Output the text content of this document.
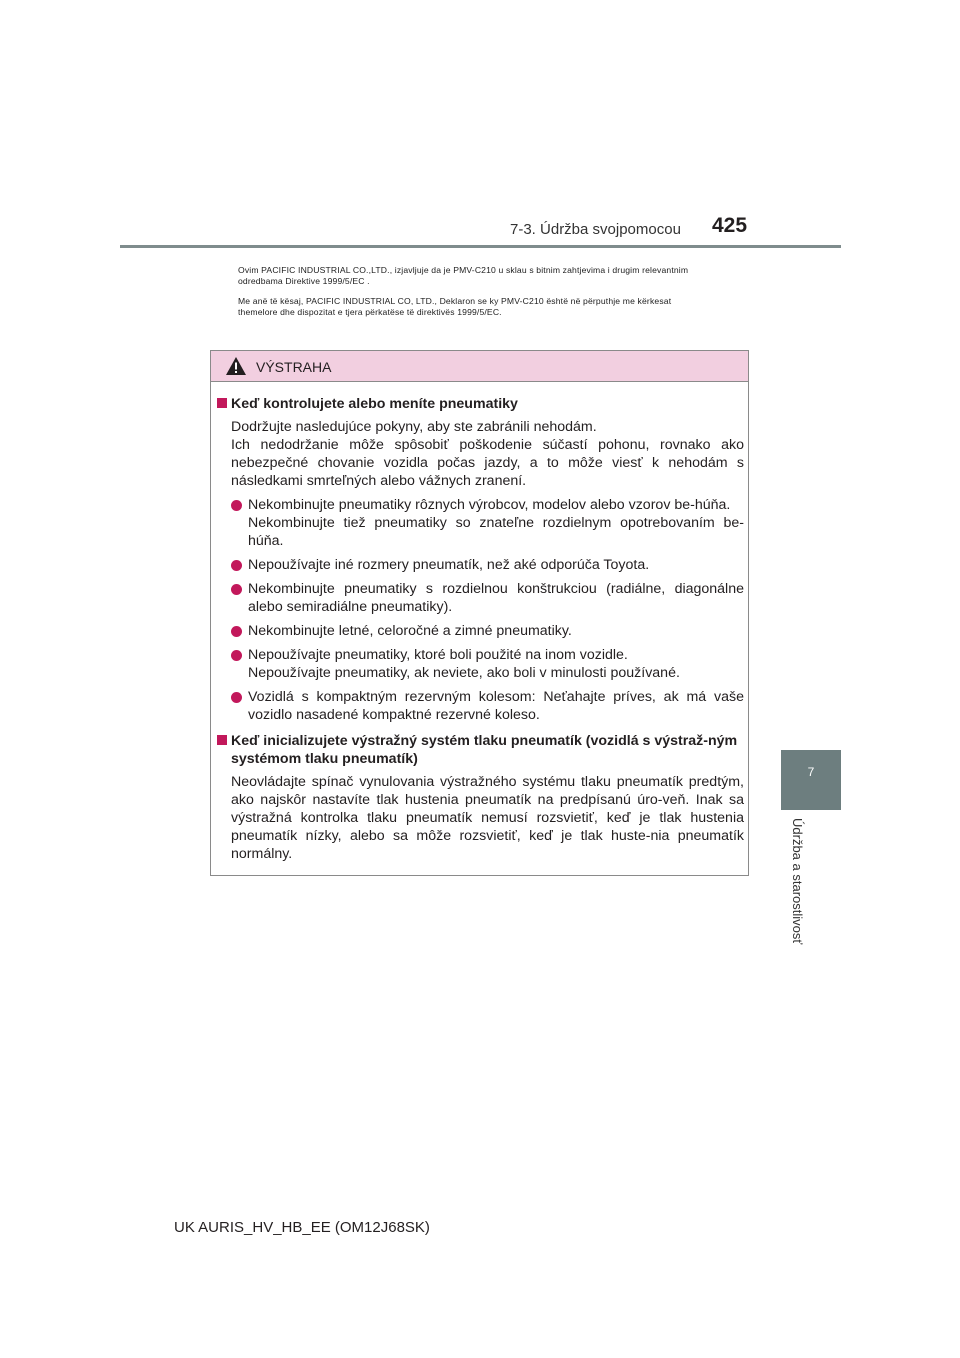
7-3. Údržba svojpomocou 425
Ovim PACIFIC INDUSTRIAL CO.,LTD., izjavljuje da je PMV-C210 u sklau s bitnim zahtjevima i drugim relevantnim
odredbama Direktive 1999/5/EC .
Me anë të kësaj, PACIFIC INDUSTRIAL CO, LTD., Deklaron se ky PMV-C210 është në përputhje me kërkesat
themelore dhe dispozitat e tjera përkatëse të direktivës 1999/5/EC.
7
Údržba a starostlivosť
VÝSTRAHA
Keď kontrolujete alebo meníte pneumatiky

Dodržujte nasledujúce pokyny, aby ste zabránili nehodám.

Ich nedodržanie môže spôsobiť poškodenie súčastí pohonu, rovnako ako nebezpečné chovanie vozidla počas jazdy, a to môže viesť k nehodám s následkami smrteľných alebo vážnych zranení.

Nekombinujte pneumatiky rôznych výrobcov, modelov alebo vzorov be-húňa.

Nekombinujte tiež pneumatiky so znateľne rozdielnym opotrebovaním be-húňa.

Nepoužívajte iné rozmery pneumatík, než aké odporúča Toyota.

Nekombinujte pneumatiky s rozdielnou konštrukciou (radiálne, diagonálne alebo semiradiálne pneumatiky).

Nekombinujte letné, celoročné a zimné pneumatiky.

Nepoužívajte pneumatiky, ktoré boli použité na inom vozidle.

Nepoužívajte pneumatiky, ak neviete, ako boli v minulosti používané.

Vozidlá s kompaktným rezervným kolesom: Neťahajte príves, ak má vaše vozidlo nasadené kompaktné rezervné koleso.

Keď inicializujete výstražný systém tlaku pneumatík (vozidlá s výstraž-ným systémom tlaku pneumatík)

Neovládajte spínač vynulovania výstražného systému tlaku pneumatík predtým, ako najskôr nastavíte tlak hustenia pneumatík na predpísanú úro-veň. Inak sa výstražná kontrolka tlaku pneumatík nemusí rozsvietiť, keď je tlak hustenia pneumatík nízky, alebo sa môže rozsvietiť, keď je tlak huste-nia pneumatík normálny.

UK AURIS_HV_HB_EE (OM12J68SK)
